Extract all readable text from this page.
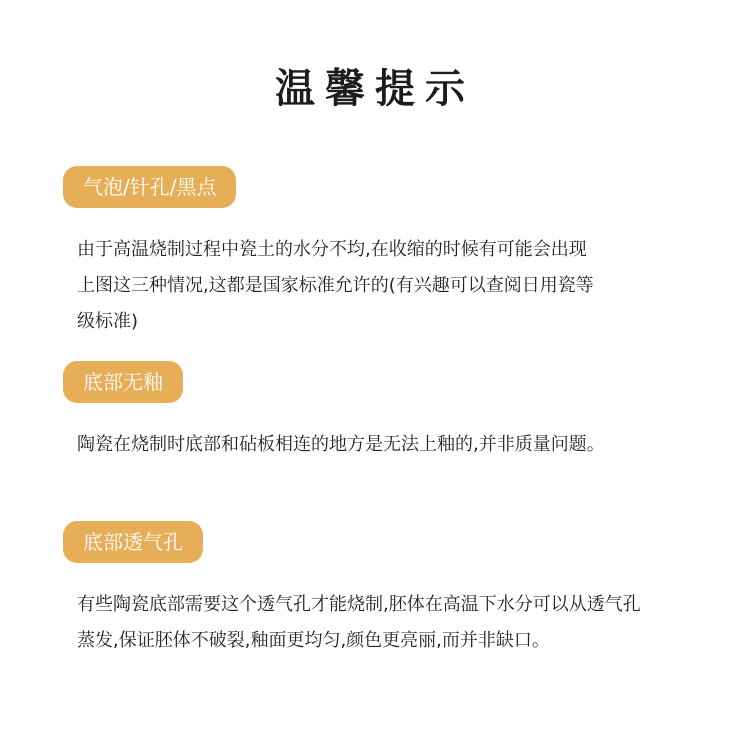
温馨提示
气泡/针孔/黑点
由于高温烧制过程中瓷土的水分不均,在收缩的时候有可能会出现
上图这三种情况,这都是国家标准允许的(有兴趣可以查阅日用瓷等
级标准)
底部无釉
陶瓷在烧制时底部和砧板相连的地方是无法上釉的,并非质量问题。
底部透气孔
有些陶瓷底部需要这个透气孔才能烧制,胚体在高温下水分可以从透气孔
蒸发,保证胚体不破裂,釉面更均匀,颜色更亮丽,而并非缺口。
